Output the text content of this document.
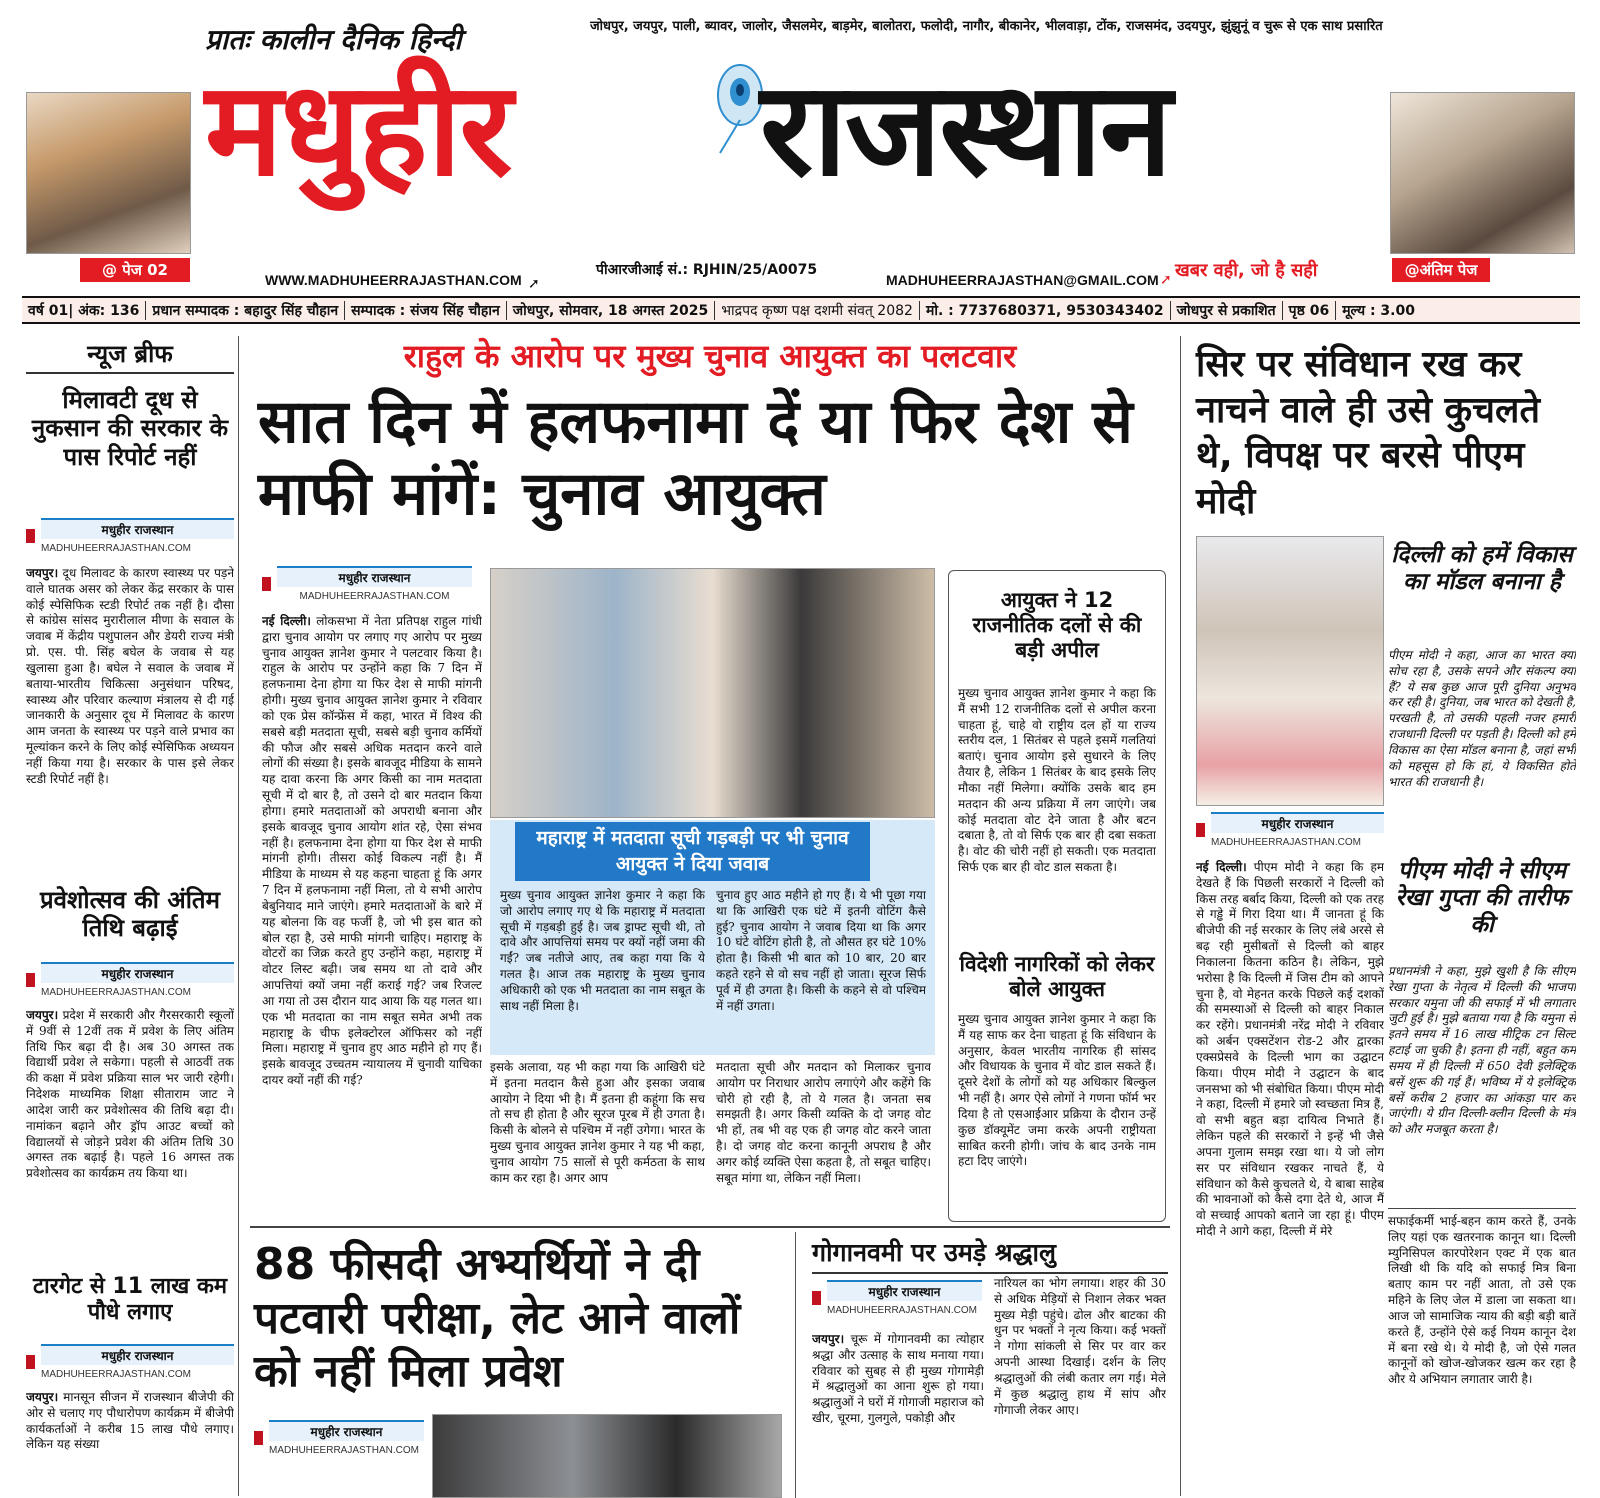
@ पेज 02
प्रातः कालीन दैनिक हिन्दी	जोधपुर, जयपुर, पाली, ब्यावर, जालोर, जैसलमेर, बाड़मेर, बालोतरा, फलोदी, नागौर, बीकानेर, भीलवाड़ा, टोंक, राजसमंद, उदयपुर, झुंझुनूं व चुरू से एक साथ प्रसारित
मधुहीर राजस्थान
@अंतिम पेज
WWW.MADHUHEERRAJASTHAN.COM ➚
पीआरजीआई सं.: RJHIN/25/A0075
MADHUHEERRAJASTHAN@GMAIL.COM ➚ खबर वही, जो है सही
वर्ष 01| अंक: 136 प्रधान सम्पादक : बहादुर सिंह चौहान सम्पादक : संजय सिंह चौहान जोधपुर, सोमवार, 18 अगस्त 2025 भाद्रपद कृष्ण पक्ष दशमी संवत् 2082 मो. : 7737680371, 9530343402 जोधपुर से प्रकाशित पृष्ठ 06 मूल्य : 3.00
न्यूज ब्रीफ
मिलावटी दूध से नुकसान की सरकार के पास रिपोर्ट नहीं
मधुहीर राजस्थान
MADHUHEERRAJASTHAN.COM
जयपुर। दूध मिलावट के कारण स्वास्थ्य पर पड़ने वाले घातक असर को लेकर केंद्र सरकार के पास कोई स्पेसिफिक स्टडी रिपोर्ट तक नहीं है। दौसा से कांग्रेस सांसद मुरारीलाल मीणा के सवाल के जवाब में केंद्रीय पशुपालन और डेयरी राज्य मंत्री प्रो. एस. पी. सिंह बघेल के जवाब से यह खुलासा हुआ है। बघेल ने सवाल के जवाब में बताया-भारतीय चिकित्सा अनुसंधान परिषद, स्वास्थ्य और परिवार कल्याण मंत्रालय से दी गई जानकारी के अनुसार दूध में मिलावट के कारण आम जनता के स्वास्थ्य पर पड़ने वाले प्रभाव का मूल्यांकन करने के लिए कोई स्पेसिफिक अध्ययन नहीं किया गया है। सरकार के पास इसे लेकर स्टडी रिपोर्ट नहीं है।
प्रवेशोत्सव की अंतिम तिथि बढ़ाई
मधुहीर राजस्थान
MADHUHEERRAJASTHAN.COM
जयपुर। प्रदेश में सरकारी और गैरसरकारी स्कूलों में 9वीं से 12वीं तक में प्रवेश के लिए अंतिम तिथि फिर बढ़ा दी है। अब 30 अगस्त तक विद्यार्थी प्रवेश ले सकेगा। पहली से आठवीं तक की कक्षा में प्रवेश प्रक्रिया साल भर जारी रहेगी। निदेशक माध्यमिक शिक्षा सीताराम जाट ने आदेश जारी कर प्रवेशोत्सव की तिथि बढ़ा दी। नामांकन बढ़ाने और ड्रॉप आउट बच्चों को विद्यालयों से जोड़ने प्रवेश की अंतिम तिथि 30 अगस्त तक बढ़ाई है। पहले 16 अगस्त तक प्रवेशोत्सव का कार्यक्रम तय किया था।
टारगेट से 11 लाख कम पौधे लगाए
मधुहीर राजस्थान
MADHUHEERRAJASTHAN.COM
जयपुर। मानसून सीजन में राजस्थान बीजेपी की ओर से चलाए गए पौधारोपण कार्यक्रम में बीजेपी कार्यकर्ताओं ने करीब 15 लाख पौधे लगाए। लेकिन यह संख्या
राहुल के आरोप पर मुख्य चुनाव आयुक्त का पलटवार
सात दिन में हलफनामा दें या फिर देश से माफी मांगें: चुनाव आयुक्त
मधुहीर राजस्थान
MADHUHEERRAJASTHAN.COM
नई दिल्ली। लोकसभा में नेता प्रतिपक्ष राहुल गांधी द्वारा चुनाव आयोग पर लगाए गए आरोप पर मुख्य चुनाव आयुक्त ज्ञानेश कुमार ने पलटवार किया है। राहुल के आरोप पर उन्होंने कहा कि 7 दिन में हलफनामा देना होगा या फिर देश से माफी मांगनी होगी। मुख्य चुनाव आयुक्त ज्ञानेश कुमार ने रविवार को एक प्रेस कॉन्फ्रेंस में कहा, भारत में विश्व की सबसे बड़ी मतदाता सूची, सबसे बड़ी चुनाव कर्मियों की फौज और सबसे अधिक मतदान करने वाले लोगों की संख्या है। इसके बावजूद मीडिया के सामने यह दावा करना कि अगर किसी का नाम मतदाता सूची में दो बार है, तो उसने दो बार मतदान किया होगा। हमारे मतदाताओं को अपराधी बनाना और इसके बावजूद चुनाव आयोग शांत रहे, ऐसा संभव नहीं है। हलफनामा देना होगा या फिर देश से माफी मांगनी होगी। तीसरा कोई विकल्प नहीं है। मैं मीडिया के माध्यम से यह कहना चाहता हूं कि अगर 7 दिन में हलफनामा नहीं मिला, तो ये सभी आरोप बेबुनियाद माने जाएंगे। हमारे मतदाताओं के बारे में यह बोलना कि वह फर्जी है, जो भी इस बात को बोल रहा है, उसे माफी मांगनी चाहिए। महाराष्ट्र के वोटरों का जिक्र करते हुए उन्होंने कहा, महाराष्ट्र में वोटर लिस्ट बढ़ी। जब समय था तो दावे और आपत्तियां क्यों जमा नहीं कराई गई? जब रिजल्ट आ गया तो उस दौरान याद आया कि यह गलत था। एक भी मतदाता का नाम सबूत समेत अभी तक महाराष्ट्र के चीफ इलेक्टोरल ऑफिसर को नहीं मिला। महाराष्ट्र में चुनाव हुए आठ महीने हो गए हैं। इसके बावजूद उच्चतम न्यायालय में चुनावी याचिका दायर क्यों नहीं की गई?
महाराष्ट्र में मतदाता सूची गड़बड़ी पर भी चुनाव आयुक्त ने दिया जवाब
मुख्य चुनाव आयुक्त ज्ञानेश कुमार ने कहा कि जो आरोप लगाए गए थे कि महाराष्ट्र में मतदाता सूची में गड़बड़ी हुई है। जब ड्राफ्ट सूची थी, तो दावे और आपत्तियां समय पर क्यों नहीं जमा की गईं? जब नतीजे आए, तब कहा गया कि ये गलत है। आज तक महाराष्ट्र के मुख्य चुनाव अधिकारी को एक भी मतदाता का नाम सबूत के साथ नहीं मिला है।
चुनाव हुए आठ महीने हो गए हैं। ये भी पूछा गया था कि आखिरी एक घंटे में इतनी वोटिंग कैसे हुई? चुनाव आयोग ने जवाब दिया था कि अगर 10 घंटे वोटिंग होती है, तो औसत हर घंटे 10% होता है। किसी भी बात को 10 बार, 20 बार कहते रहने से वो सच नहीं हो जाता। सूरज सिर्फ पूर्व में ही उगता है। किसी के कहने से वो पश्चिम में नहीं उगता।
इसके अलावा, यह भी कहा गया कि आखिरी घंटे में इतना मतदान कैसे हुआ और इसका जवाब आयोग ने दिया भी है। मैं इतना ही कहूंगा कि सच तो सच ही होता है और सूरज पूरब में ही उगता है। किसी के बोलने से पश्चिम में नहीं उगेगा। भारत के मुख्य चुनाव आयुक्त ज्ञानेश कुमार ने यह भी कहा, चुनाव आयोग 75 सालों से पूरी कर्मठता के साथ काम कर रहा है। अगर आप
मतदाता सूची और मतदान को मिलाकर चुनाव आयोग पर निराधार आरोप लगाएंगे और कहेंगे कि चोरी हो रही है, तो ये गलत है। जनता सब समझती है। अगर किसी व्यक्ति के दो जगह वोट भी हों, तब भी वह एक ही जगह वोट करने जाता है। दो जगह वोट करना कानूनी अपराध है और अगर कोई व्यक्ति ऐसा कहता है, तो सबूत चाहिए। सबूत मांगा था, लेकिन नहीं मिला।
आयुक्त ने 12 राजनीतिक दलों से की बड़ी अपील
मुख्य चुनाव आयुक्त ज्ञानेश कुमार ने कहा कि मैं सभी 12 राजनीतिक दलों से अपील करना चाहता हूं, चाहे वो राष्ट्रीय दल हों या राज्य स्तरीय दल, 1 सितंबर से पहले इसमें गलतियां बताएं। चुनाव आयोग इसे सुधारने के लिए तैयार है, लेकिन 1 सितंबर के बाद इसके लिए मौका नहीं मिलेगा। क्योंकि उसके बाद हम मतदान की अन्य प्रक्रिया में लग जाएंगे। जब कोई मतदाता वोट देने जाता है और बटन दबाता है, तो वो सिर्फ एक बार ही दबा सकता है। वोट की चोरी नहीं हो सकती। एक मतदाता सिर्फ एक बार ही वोट डाल सकता है।
विदेशी नागरिकों को लेकर बोले आयुक्त
मुख्य चुनाव आयुक्त ज्ञानेश कुमार ने कहा कि मैं यह साफ कर देना चाहता हूं कि संविधान के अनुसार, केवल भारतीय नागरिक ही सांसद और विधायक के चुनाव में वोट डाल सकते हैं। दूसरे देशों के लोगों को यह अधिकार बिल्कुल भी नहीं है। अगर ऐसे लोगों ने गणना फॉर्म भर दिया है तो एसआईआर प्रक्रिया के दौरान उन्हें कुछ डॉक्यूमेंट जमा करके अपनी राष्ट्रीयता साबित करनी होगी। जांच के बाद उनके नाम हटा दिए जाएंगे।
88 फीसदी अभ्यर्थियों ने दी पटवारी परीक्षा, लेट आने वालों को नहीं मिला प्रवेश
मधुहीर राजस्थान
MADHUHEERRAJASTHAN.COM
गोगानवमी पर उमड़े श्रद्धालु
मधुहीर राजस्थान
MADHUHEERRAJASTHAN.COM
जयपुर। चूरू में गोगानवमी का त्योहार श्रद्धा और उत्साह के साथ मनाया गया। रविवार को सुबह से ही मुख्य गोगामेड़ी में श्रद्धालुओं का आना शुरू हो गया। श्रद्धालुओं ने घरों में गोगाजी महाराज को खीर, चूरमा, गुलगुले, पकोड़ी और
नारियल का भोग लगाया। शहर की 30 से अधिक मेड़ियों से निशान लेकर भक्त मुख्य मेड़ी पहुंचे। ढोल और बाटका की धुन पर भक्तों ने नृत्य किया। कई भक्तों ने गोगा सांकली से सिर पर वार कर अपनी आस्था दिखाई। दर्शन के लिए श्रद्धालुओं की लंबी कतार लग गई। मेले में कुछ श्रद्धालु हाथ में सांप और गोगाजी लेकर आए।
सिर पर संविधान रख कर नाचने वाले ही उसे कुचलते थे, विपक्ष पर बरसे पीएम मोदी
दिल्ली को हमें विकास का मॉडल बनाना है
पीएम मोदी ने कहा, आज का भारत क्या सोच रहा है, उसके सपने और संकल्प क्या हैं? ये सब कुछ आज पूरी दुनिया अनुभव कर रही है। दुनिया, जब भारत को देखती है, परखती है, तो उसकी पहली नजर हमारी राजधानी दिल्ली पर पड़ती है। दिल्ली को हमें विकास का ऐसा मॉडल बनाना है, जहां सभी को महसूस हो कि हां, ये विकसित होते भारत की राजधानी है।
मधुहीर राजस्थान
MADHUHEERRAJASTHAN.COM
नई दिल्ली। पीएम मोदी ने कहा कि हम देखते हैं कि पिछली सरकारों ने दिल्ली को किस तरह बर्बाद किया, दिल्ली को एक तरह से गड्ढे में गिरा दिया था। मैं जानता हूं कि बीजेपी की नई सरकार के लिए लंबे अरसे से बढ़ रही मुसीबतों से दिल्ली को बाहर निकालना कितना कठिन है। लेकिन, मुझे भरोसा है कि दिल्ली में जिस टीम को आपने चुना है, वो मेहनत करके पिछले कई दशकों की समस्याओं से दिल्ली को बाहर निकाल कर रहेंगे। प्रधानमंत्री नरेंद्र मोदी ने रविवार को अर्बन एक्सटेंशन रोड-2 और द्वारका एक्सप्रेसवे के दिल्ली भाग का उद्घाटन किया। पीएम मोदी ने उद्घाटन के बाद जनसभा को भी संबोधित किया। पीएम मोदी ने कहा, दिल्ली में हमारे जो स्वच्छता मित्र हैं, वो सभी बहुत बड़ा दायित्व निभाते हैं। लेकिन पहले की सरकारों ने इन्हें भी जैसे अपना गुलाम समझ रखा था। ये जो लोग सर पर संविधान रखकर नाचते हैं, ये संविधान को कैसे कुचलते थे, ये बाबा साहेब की भावनाओं को कैसे दगा देते थे, आज मैं वो सच्चाई आपको बताने जा रहा हूं। पीएम मोदी ने आगे कहा, दिल्ली में मेरे
पीएम मोदी ने सीएम रेखा गुप्ता की तारीफ की
प्रधानमंत्री ने कहा, मुझे खुशी है कि सीएम रेखा गुप्ता के नेतृत्व में दिल्ली की भाजपा सरकार यमुना जी की सफाई में भी लगातार जुटी हुई है। मुझे बताया गया है कि यमुना से इतने समय में 16 लाख मीट्रिक टन सिल्ट हटाई जा चुकी है। इतना ही नहीं, बहुत कम समय में ही दिल्ली में 650 देवी इलेक्ट्रिक बसें शुरू की गई हैं। भविष्य में ये इलेक्ट्रिक बसें करीब 2 हजार का आंकड़ा पार कर जाएंगी। ये ग्रीन दिल्ली-क्लीन दिल्ली के मंत्र को और मजबूत करता है।
सफाईकर्मी भाई-बहन काम करते हैं, उनके लिए यहां एक खतरनाक कानून था। दिल्ली म्युनिसिपल कारपोरेशन एक्ट में एक बात लिखी थी कि यदि को सफाई मित्र बिना बताए काम पर नहीं आता, तो उसे एक महिने के लिए जेल में डाला जा सकता था। आज जो सामाजिक न्याय की बड़ी बड़ी बातें करते हैं, उन्होंने ऐसे कई नियम कानून देश में बना रखे थे। ये मोदी है, जो ऐसे गलत कानूनों को खोज-खोजकर खत्म कर रहा है और ये अभियान लगातार जारी है।
